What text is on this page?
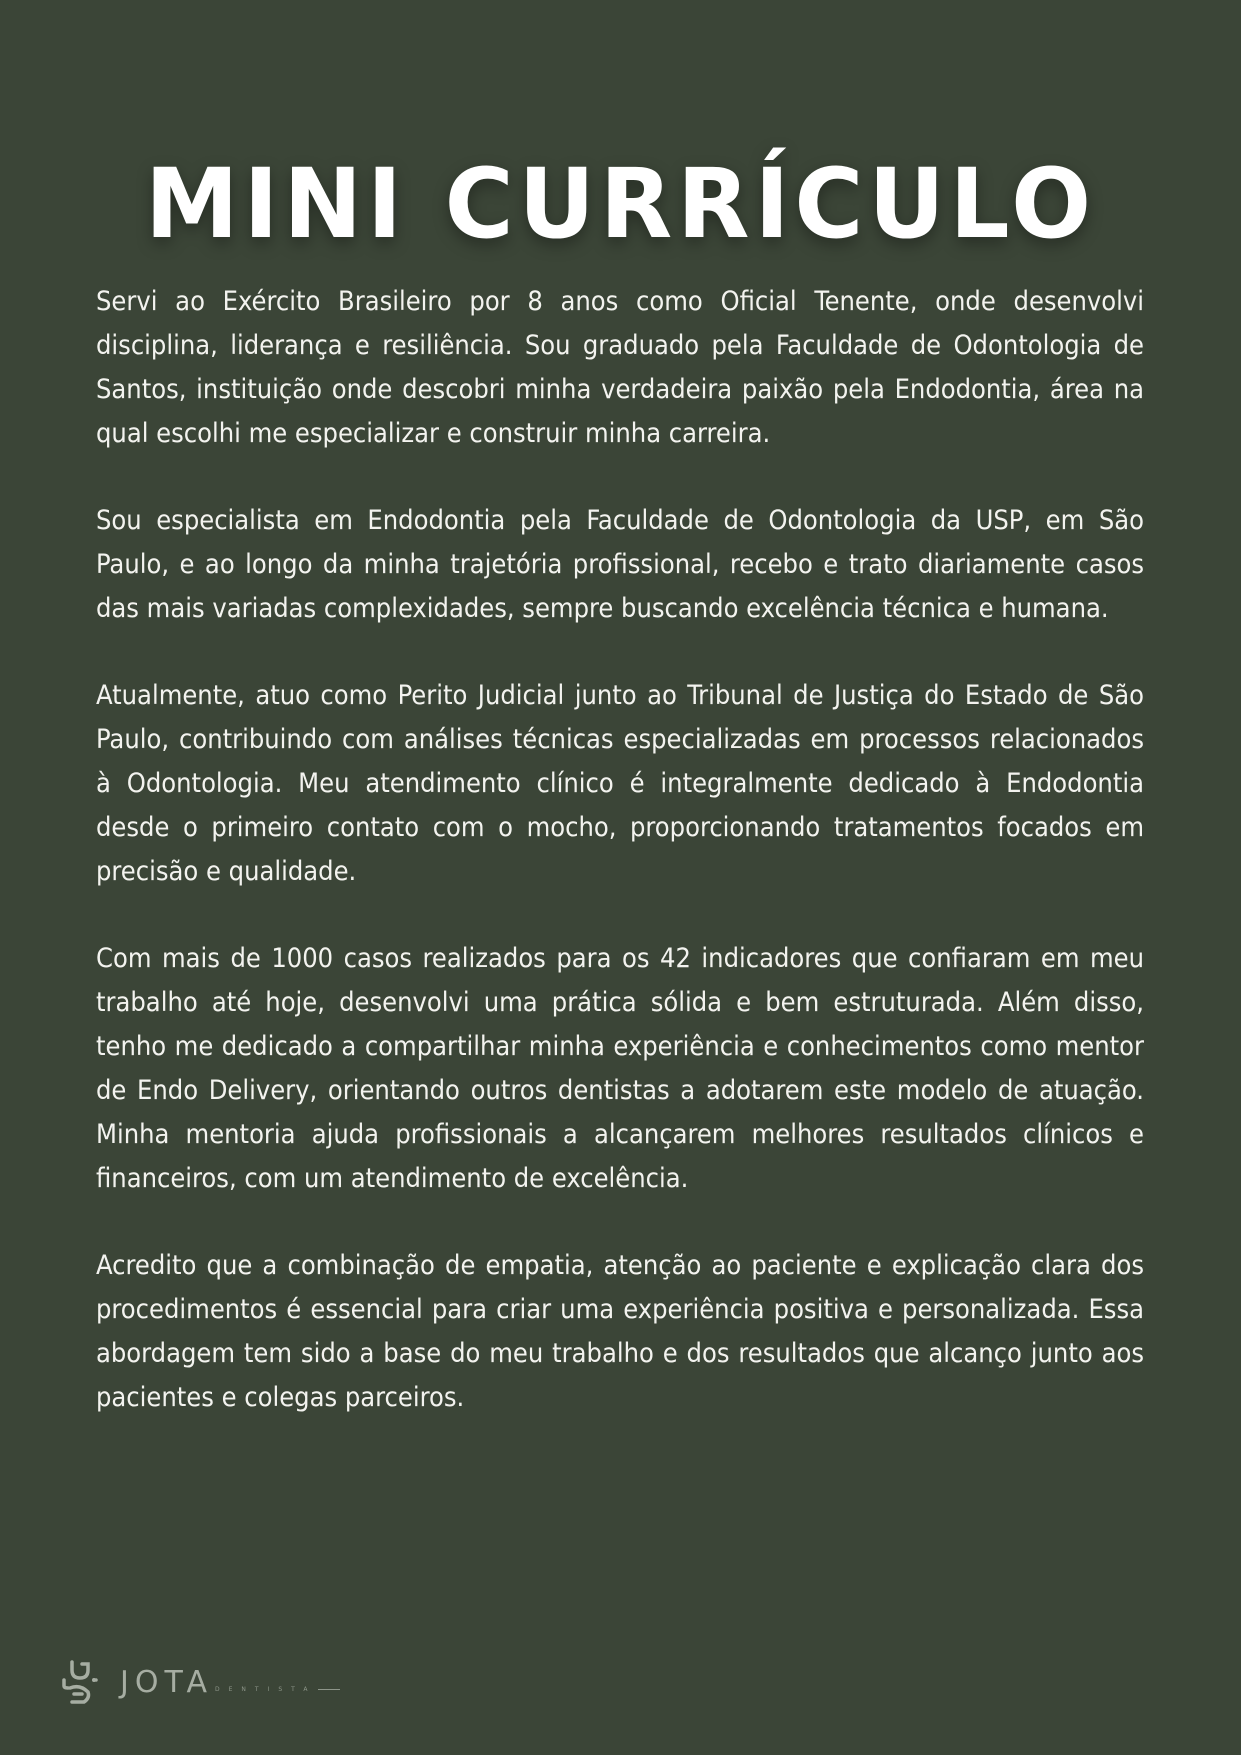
MINI CURRÍCULO

Servi ao Exército Brasileiro por 8 anos como Oficial Tenente, onde desenvolvi disciplina, liderança e resiliência. Sou graduado pela Faculdade de Odontologia de Santos, instituição onde descobri minha verdadeira paixão pela Endodontia, área na qual escolhi me especializar e construir minha carreira.

Sou especialista em Endodontia pela Faculdade de Odontologia da USP, em São Paulo, e ao longo da minha trajetória profissional, recebo e trato diariamente casos das mais variadas complexidades, sempre buscando excelência técnica e humana.

Atualmente, atuo como Perito Judicial junto ao Tribunal de Justiça do Estado de São Paulo, contribuindo com análises técnicas especializadas em processos relacionados à Odontologia. Meu atendimento clínico é integralmente dedicado à Endodontia desde o primeiro contato com o mocho, proporcionando tratamentos focados em precisão e qualidade.

Com mais de 1000 casos realizados para os 42 indicadores que confiaram em meu trabalho até hoje, desenvolvi uma prática sólida e bem estruturada. Além disso, tenho me dedicado a compartilhar minha experiência e conhecimentos como mentor de Endo Delivery, orientando outros dentistas a adotarem este modelo de atuação. Minha mentoria ajuda profissionais a alcançarem melhores resultados clínicos e financeiros, com um atendimento de excelência.

Acredito que a combinação de empatia, atenção ao paciente e explicação clara dos procedimentos é essencial para criar uma experiência positiva e personalizada. Essa abordagem tem sido a base do meu trabalho e dos resultados que alcanço junto aos pacientes e colegas parceiros.

JOTA DENTISTA
